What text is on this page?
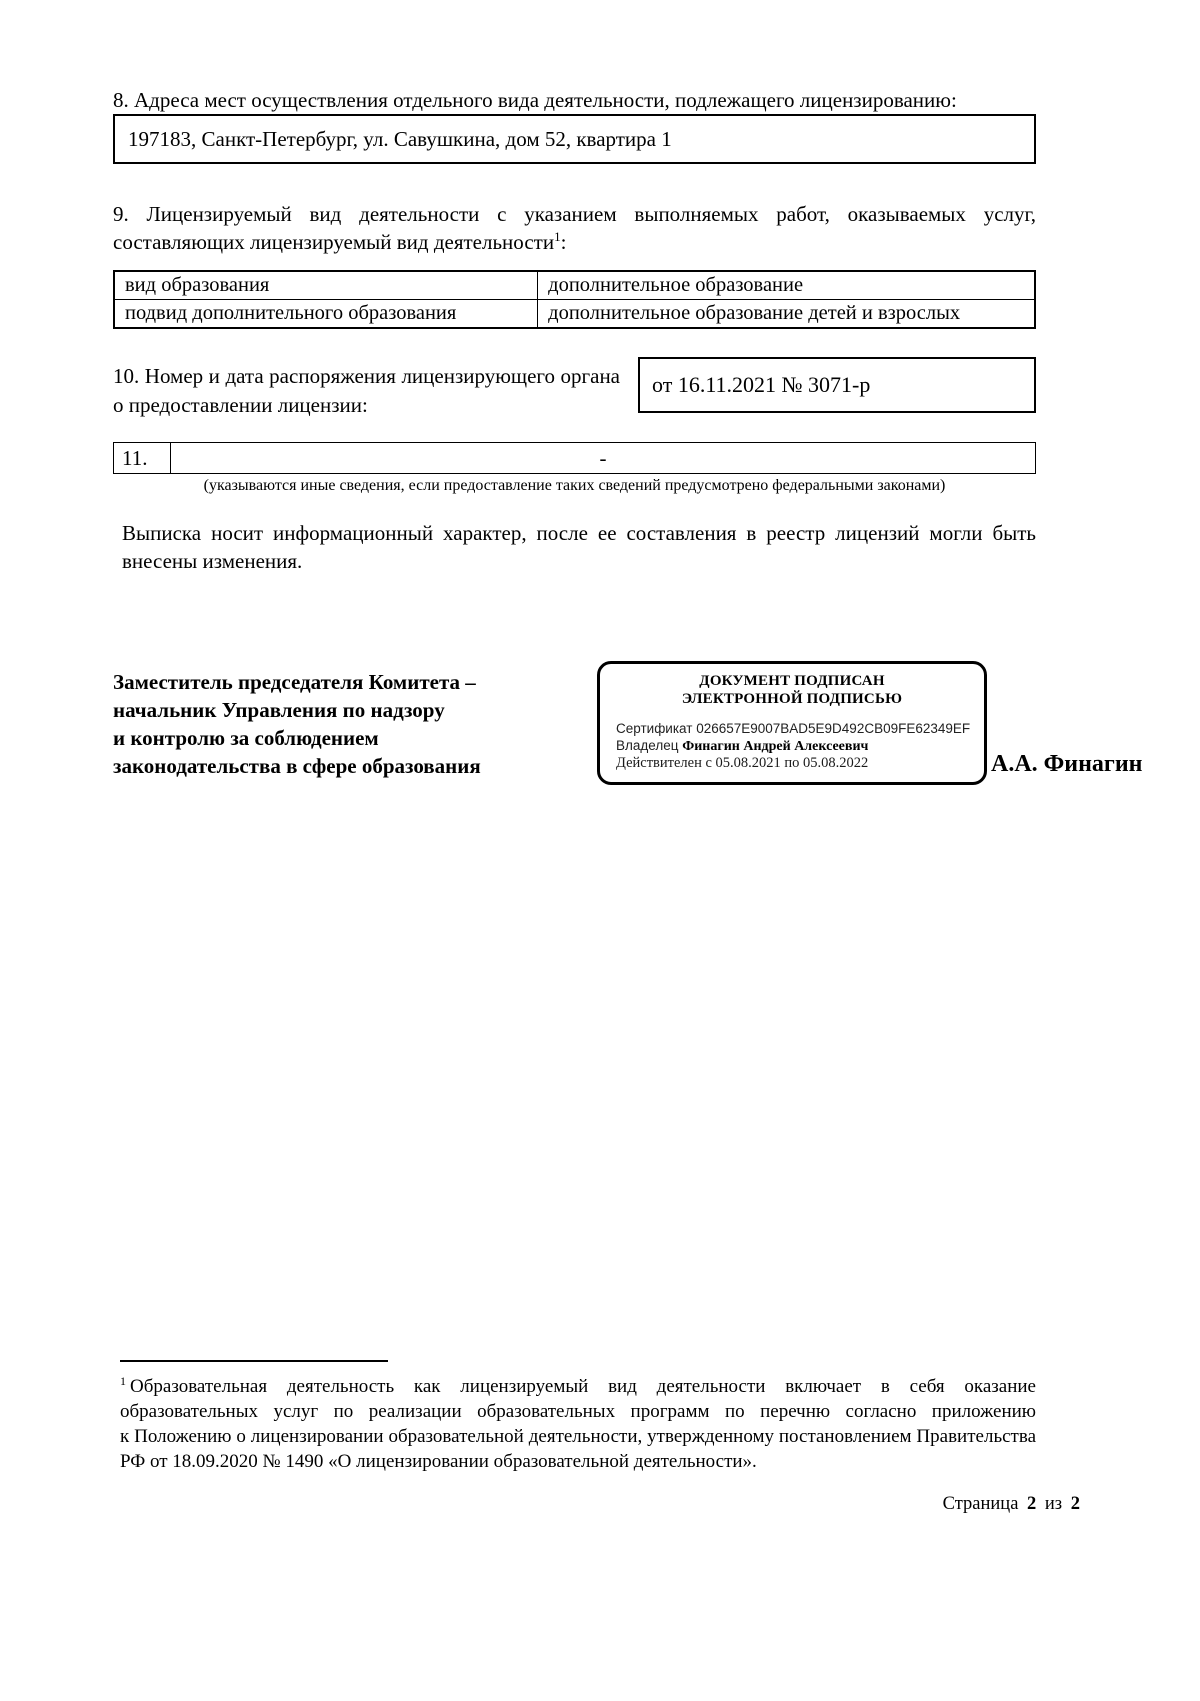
8. Адреса мест осуществления отдельного вида деятельности, подлежащего лицензированию:
197183, Санкт-Петербург, ул. Савушкина, дом 52, квартира 1
9. Лицензируемый вид деятельности с указанием выполняемых работ, оказываемых услуг, составляющих лицензируемый вид деятельности$^1$:
вид образования	дополнительное образование
подвид дополнительного образования	дополнительное образование детей и взрослых
10. Номер и дата распоряжения лицензирующего органа о предоставлении лицензии:
от 16.11.2021 № 3071-р
11.	-
(указываются иные сведения, если предоставление таких сведений предусмотрено федеральными законами)
Выписка носит информационный характер, после ее составления в реестр лицензий могли быть внесены изменения.
Заместитель председателя Комитета –
начальник Управления по надзору
и контролю за соблюдением
законодательства в сфере образования
ДОКУМЕНТ ПОДПИСАН
ЭЛЕКТРОННОЙ ПОДПИСЬЮ
Сертификат 026657E9007BAD5E9D492CB09FE62349EF
Владелец Финагин Андрей Алексеевич
Действителен с 05.08.2021 по 05.08.2022	А.А. Финагин
$^1$ Образовательная деятельность как лицензируемый вид деятельности включает в себя оказание образовательных услуг по реализации образовательных программ по перечню согласно приложению к Положению о лицензировании образовательной деятельности, утвержденному постановлением Правительства РФ от 18.09.2020 № 1490 «О лицензировании образовательной деятельности».
Страница 2 из 2
